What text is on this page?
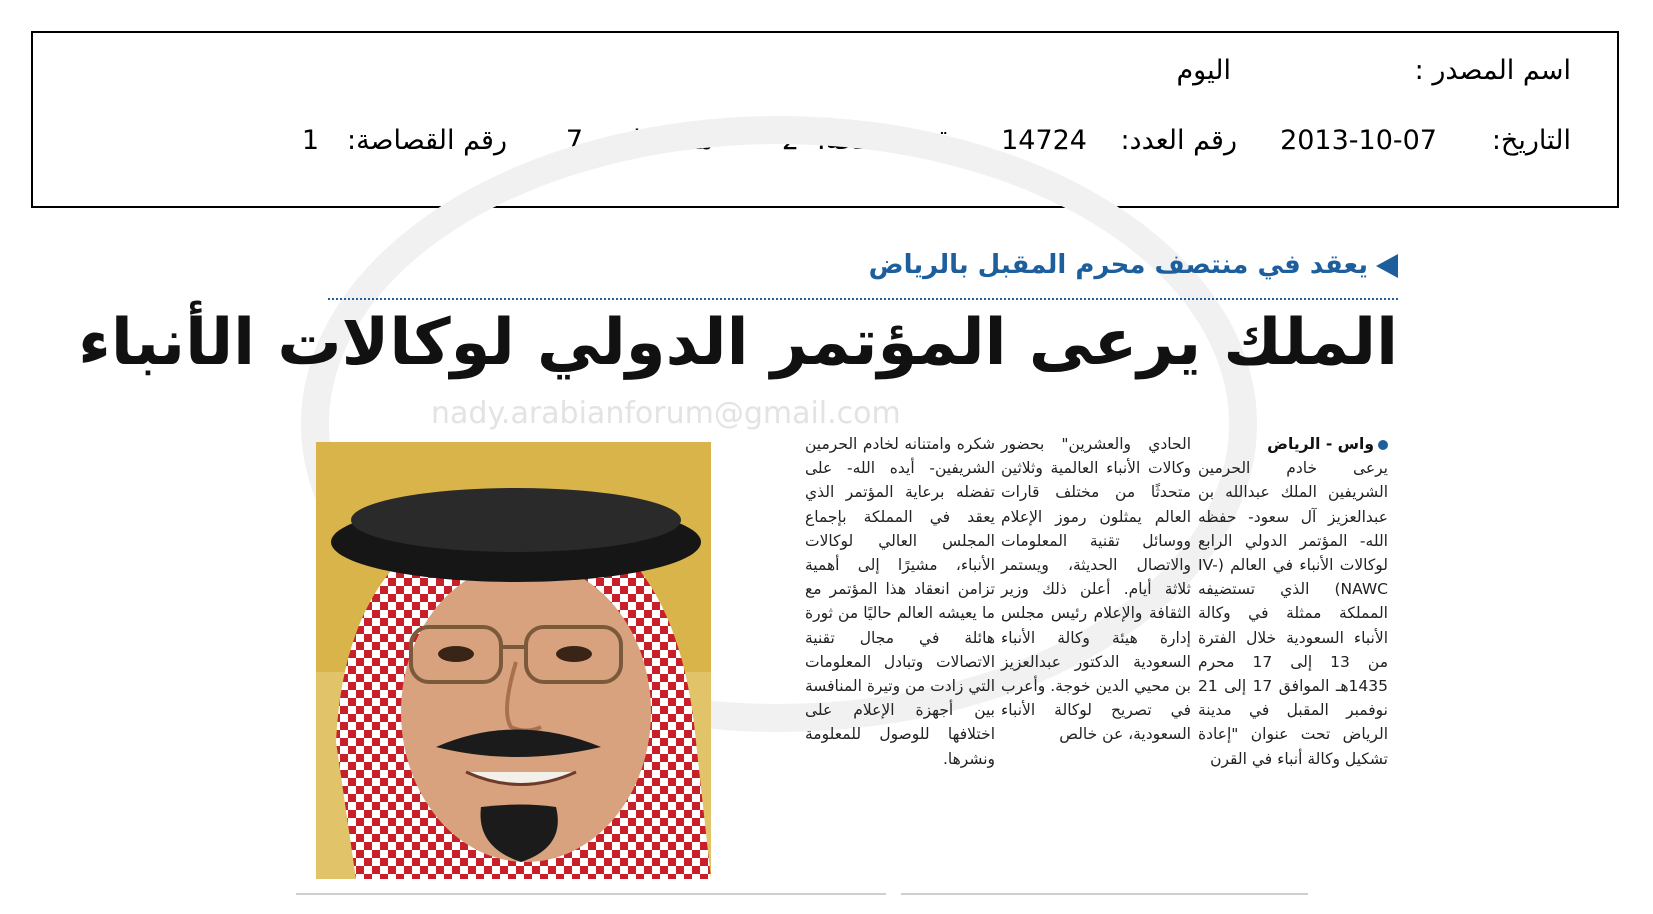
اسم المصدر :
اليوم
التاريخ:
2013-10-07
رقم العدد:
14724
رقم الصفحة:
2
مسلسل:
7
رقم القصاصة:
1
nady.arabianforum@gmail.com
يعقد في منتصف محرم المقبل بالرياض
الملك يرعى المؤتمر الدولي لوكالات الأنباء

واس - الرياض

يرعى خادم الحرمين الشريفين الملك عبدالله بن عبدالعزيز آل سعود- حفظه الله- المؤتمر الدولي الرابع لوكالات الأنباء في العالم (IV-NAWC) الذي تستضيفه المملكة ممثلة في وكالة الأنباء السعودية خلال الفترة من 13 إلى 17 محرم 1435هـ الموافق 17 إلى 21 نوفمبر المقبل في مدينة الرياض تحت عنوان "إعادة تشكيل وكالة أنباء في القرن

الحادي والعشرين" بحضور وكالات الأنباء العالمية وثلاثين متحدثًا من مختلف قارات العالم يمثلون رموز الإعلام ووسائل تقنية المعلومات والاتصال الحديثة، ويستمر ثلاثة أيام. أعلن ذلك وزير الثقافة والإعلام رئيس مجلس إدارة هيئة وكالة الأنباء السعودية الدكتور عبدالعزيز بن محيي الدين خوجة. وأعرب في تصريح لوكالة الأنباء السعودية، عن خالص

شكره وامتنانه لخادم الحرمين الشريفين- أيده الله- على تفضله برعاية المؤتمر الذي يعقد في المملكة بإجماع المجلس العالي لوكالات الأنباء، مشيرًا إلى أهمية تزامن انعقاد هذا المؤتمر مع ما يعيشه العالم حاليًا من ثورة هائلة في مجال تقنية الاتصالات وتبادل المعلومات التي زادت من وتيرة المنافسة بين أجهزة الإعلام على اختلافها للوصول للمعلومة ونشرها.
